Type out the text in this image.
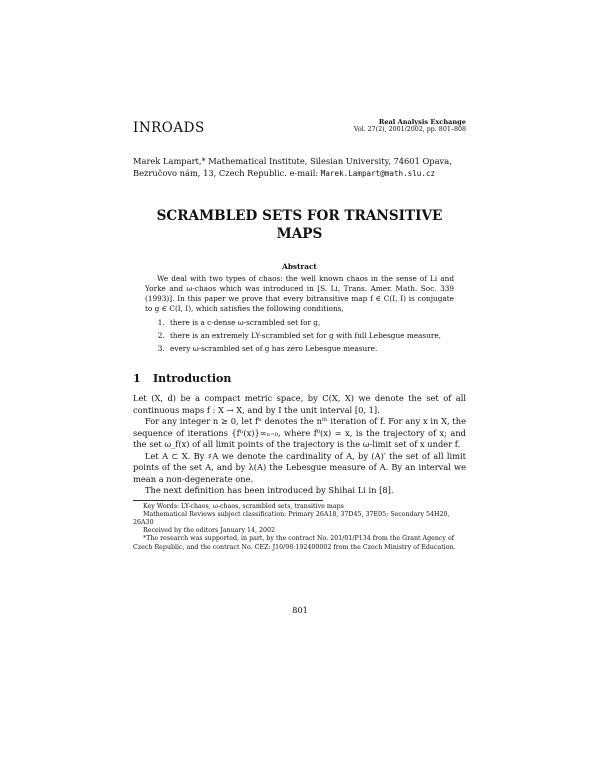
INROADS	Real Analysis Exchange
Vol. 27(2), 2001/2002, pp. 801–808
Marek Lampart,* Mathematical Institute, Silesian University, 74601 Opava,
Bezručovo nám, 13, Czech Republic. e-mail: Marek.Lampart@math.slu.cz
SCRAMBLED SETS FOR TRANSITIVE
MAPS
Abstract

We deal with two types of chaos: the well known chaos in the sense of Li and Yorke and ω-chaos which was introduced in [S. Li, Trans. Amer. Math. Soc. 339 (1993)]. In this paper we prove that every bitransitive map f ∈ C(I, I) is conjugate to g ∈ C(I, I), which satisfies the following conditions,

1. there is a c-dense ω-scrambled set for g,
2. there is an extremely LY-scrambled set for g with full Lebesgue measure,
3. every ω-scrambled set of g has zero Lebesgue measure.
1 Introduction

Let (X, d) be a compact metric space, by C(X, X) we denote the set of all continuous maps f : X → X, and by I the unit interval [0, 1].

For any integer n ≥ 0, let fⁿ denotes the nᵗʰ iteration of f. For any x in X, the sequence of iterations {fⁿ(x)}∞ₙ₌₀, where f⁰(x) = x, is the trajectory of x; and the set ω_f(x) of all limit points of the trajectory is the ω-limit set of x under f.

Let A ⊂ X. By ♯A we denote the cardinality of A, by (A)′ the set of all limit points of the set A, and by λ(A) the Lebesgue measure of A. By an interval we mean a non-degenerate one.

The next definition has been introduced by Shihai Li in [8].

Key Words: LY-chaos, ω-chaos, scrambled sets, transitive maps

Mathematical Reviews subject classification: Primary 26A18, 37D45, 37E05; Secondary 54H20, 26A30

Received by the editors January 14, 2002

*The research was supported, in part, by the contract No. 201/01/P134 from the Grant Agency of Czech Republic, and the contract No. CEZ: J10/98:192400002 from the Czech Ministry of Education.

801
